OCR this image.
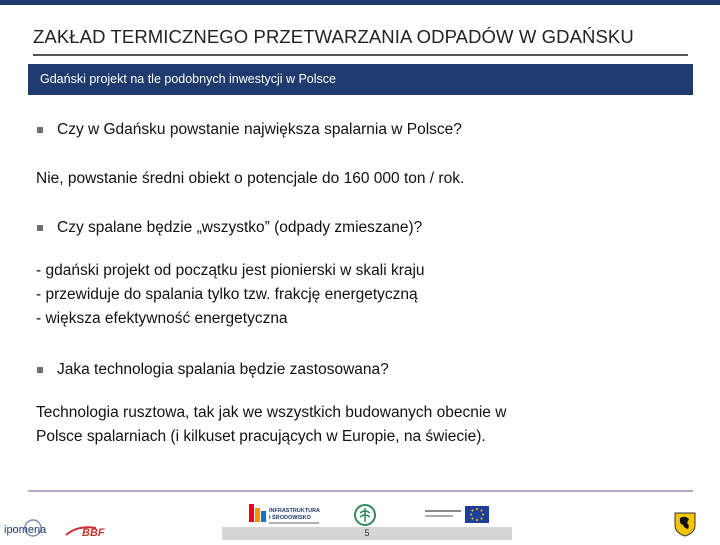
ZAKŁAD TERMICZNEGO PRZETWARZANIA ODPADÓW W GDAŃSKU
Gdański projekt na tle podobnych inwestycji w Polsce
Czy w Gdańsku powstanie największa spalarnia w Polsce?
Nie, powstanie średni obiekt o potencjale do 160 000 ton / rok.
Czy spalane będzie „wszystko” (odpady zmieszane)?
- gdański projekt od początku jest pionierski w skali kraju
- przewiduje do spalania tylko tzw. frakcję energetyczną
- większa efektywność energetyczna
Jaka technologia spalania będzie zastosowana?
Technologia rusztowa, tak jak we wszystkich budowanych obecnie w
Polsce spalarniach (i kilkuset pracujących w Europie, na świecie).
ipomena	BBF
INFRASTRUKTURA
I ŚRODOWISKO
5
